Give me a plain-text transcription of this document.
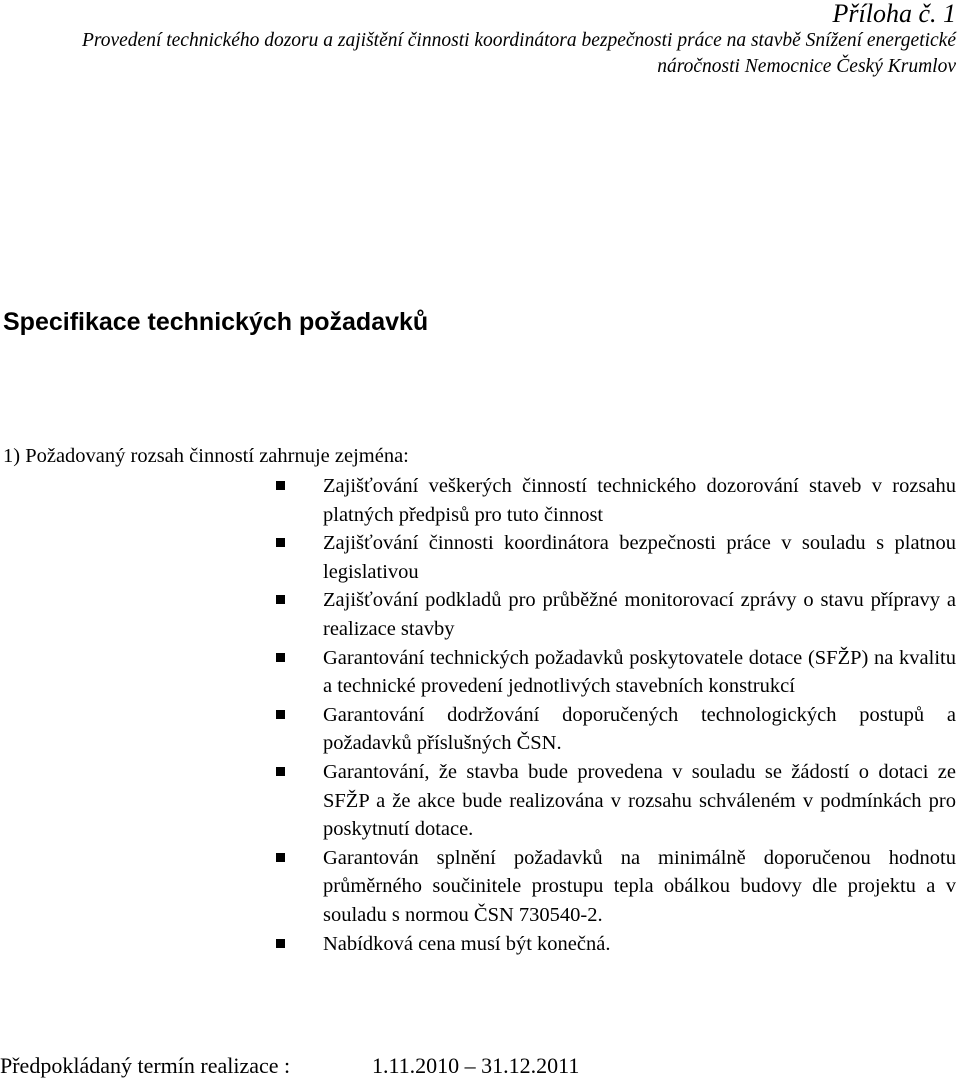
Příloha č. 1
Provedení technického dozoru a zajištění činnosti koordinátora bezpečnosti práce na stavbě Snížení energetické
náročnosti Nemocnice Český Krumlov
Specifikace technických požadavků

1) Požadovaný rozsah činností zahrnuje zejména:

Zajišťování veškerých činností technického dozorování staveb v rozsahu platných předpisů pro tuto činnost
Zajišťování činnosti koordinátora bezpečnosti práce v souladu s platnou legislativou
Zajišťování podkladů pro průběžné monitorovací zprávy o stavu přípravy a realizace stavby
Garantování technických požadavků poskytovatele dotace (SFŽP) na kvalitu a technické provedení jednotlivých stavebních konstrukcí
Garantování dodržování doporučených technologických postupů a požadavků příslušných ČSN.
Garantování, že stavba bude provedena v souladu se žádostí o dotaci ze SFŽP a že akce bude realizována v rozsahu schváleném v podmínkách pro poskytnutí dotace.
Garantován splnění požadavků na minimálně doporučenou hodnotu průměrného součinitele prostupu tepla obálkou budovy dle projektu a v souladu s normou ČSN 730540-2.
Nabídková cena musí být konečná.
Předpokládaný termín realizace :	1.11.2010 – 31.12.2011
